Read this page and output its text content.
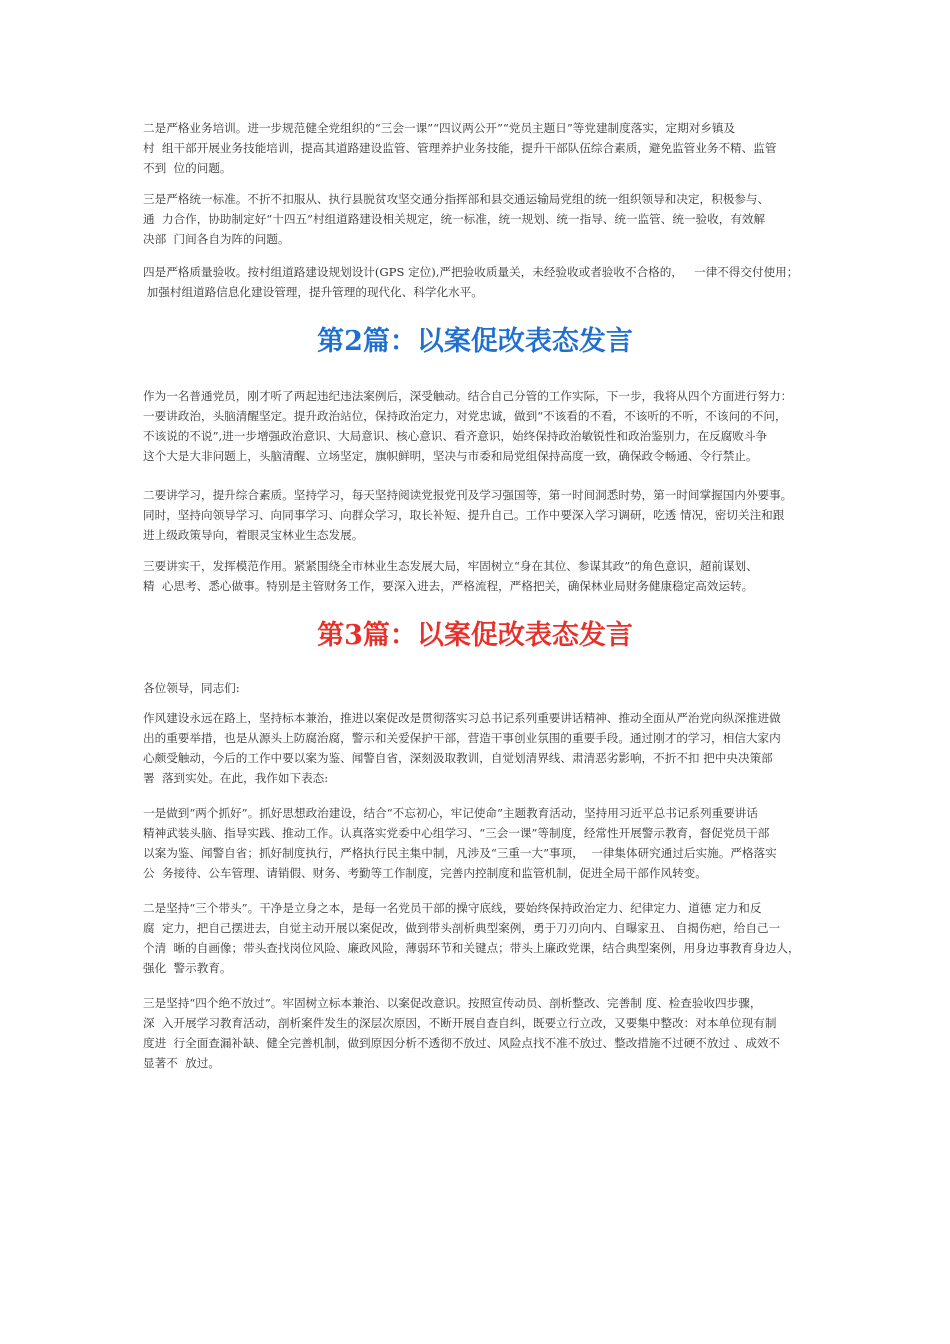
二是严格业务培训。进一步规范健全党组织的“三会一课”“四议两公开”“党员主题日”等党建制度落实，定期对乡镇及
村  组干部开展业务技能培训，提高其道路建设监管、管理养护业务技能，提升干部队伍综合素质，避免监管业务不精、监管
不到  位的问题。
三是严格统一标准。不折不扣服从、执行县脱贫攻坚交通分指挥部和县交通运输局党组的统一组织领导和决定，积极参与、
通  力合作，协助制定好“十四五”村组道路建设相关规定，统一标准，统一规划、统一指导、统一监管、统一验收，有效解
决部  门间各自为阵的问题。
四是严格质量验收。按村组道路建设规划设计(GPS 定位),严把验收质量关，未经验收或者验收不合格的，   一律不得交付使用；
加强村组道路信息化建设管理，提升管理的现代化、科学化水平。
第2篇：以案促改表态发言
作为一名普通党员，刚才听了两起违纪违法案例后，深受触动。结合自己分管的工作实际，下一步，我将从四个方面进行努力：
一要讲政治，头脑清醒坚定。提升政治站位，保持政治定力，对党忠诚，做到“不该看的不看，不该听的不听，不该问的不问，
不该说的不说”,进一步增强政治意识、大局意识、核心意识、看齐意识，始终保持政治敏锐性和政治鉴别力，在反腐败斗争
这个大是大非问题上，头脑清醒、立场坚定，旗帜鲜明，坚决与市委和局党组保持高度一致，确保政令畅通、令行禁止。
二要讲学习，提升综合素质。坚持学习，每天坚持阅读党报党刊及学习强国等，第一时间洞悉时势，第一时间掌握国内外要事。
同时，坚持向领导学习、向同事学习、向群众学习，取长补短、提升自己。工作中要深入学习调研，吃透 情况，密切关注和跟
进上级政策导向，着眼灵宝林业生态发展。
三要讲实干，发挥模范作用。紧紧围绕全市林业生态发展大局，牢固树立“身在其位、参谋其政”的角色意识，超前谋划、
精  心思考、悉心做事。特别是主管财务工作，要深入进去，严格流程，严格把关，确保林业局财务健康稳定高效运转。
第3篇：以案促改表态发言
各位领导，同志们:
作风建设永远在路上，坚持标本兼治，推进以案促改是贯彻落实习总书记系列重要讲话精神、推动全面从严治党向纵深推进做
出的重要举措，也是从源头上防腐治腐，警示和关爱保护干部，营造干事创业氛围的重要手段。通过刚才的学习，相信大家内
心颇受触动，今后的工作中要以案为鉴、闻警自省，深刻汲取教训，自觉划清界线、肃清恶劣影响，不折不扣 把中央决策部
署  落到实处。在此，我作如下表态:
一是做到“两个抓好”。抓好思想政治建设，结合“不忘初心，牢记使命”主题教育活动，坚持用习近平总书记系列重要讲话
精神武装头脑、指导实践、推动工作。认真落实党委中心组学习、“三会一课”等制度，经常性开展警示教育，督促党员干部
以案为鉴、闻警自省；抓好制度执行，严格执行民主集中制，凡涉及“三重一大”事项，  一律集体研究通过后实施。严格落实
公  务接待、公车管理、请销假、财务、考勤等工作制度，完善内控制度和监管机制，促进全局干部作风转变。
二是坚持“三个带头”。干净是立身之本，是每一名党员干部的操守底线，要始终保持政治定力、纪律定力、道德 定力和反
腐  定力，把自己摆进去，自觉主动开展以案促改，做到带头剖析典型案例，勇于刀刃向内、自曝家丑、 自揭伤疤，给自己一
个清  晰的自画像；带头查找岗位风险、廉政风险，薄弱环节和关键点；带头上廉政党课，结合典型案例，用身边事教育身边人，
强化  警示教育。
三是坚持“四个绝不放过”。牢固树立标本兼治、以案促改意识。按照宣传动员、剖析整改、完善制 度、检查验收四步骤，
深  入开展学习教育活动，剖析案件发生的深层次原因，不断开展自查自纠，既要立行立改，又要集中整改：对本单位现有制
度进  行全面查漏补缺、健全完善机制，做到原因分析不透彻不放过、风险点找不准不放过、整改措施不过硬不放过 、成效不
显著不  放过。
